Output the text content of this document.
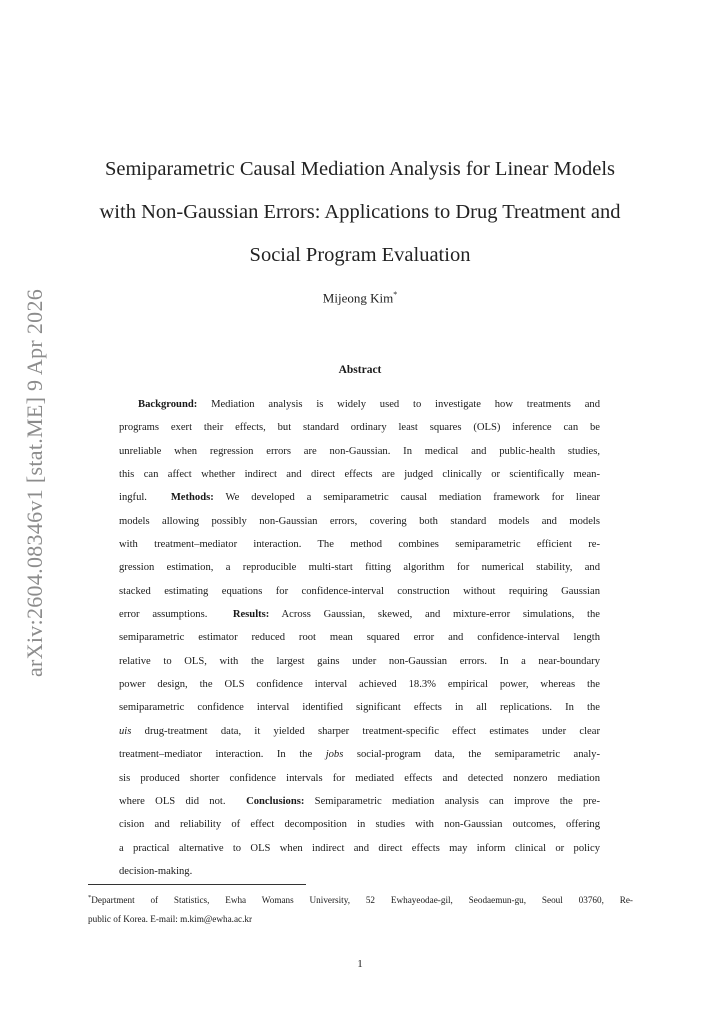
arXiv:2604.08346v1 [stat.ME] 9 Apr 2026
Semiparametric Causal Mediation Analysis for Linear Models
with Non-Gaussian Errors: Applications to Drug Treatment and
Social Program Evaluation
Mijeong Kim*
Abstract
Background: Mediation analysis is widely used to investigate how treatments and
programs exert their effects, but standard ordinary least squares (OLS) inference can be
unreliable when regression errors are non-Gaussian. In medical and public-health studies,
this can affect whether indirect and direct effects are judged clinically or scientifically mean-
ingful. Methods: We developed a semiparametric causal mediation framework for linear
models allowing possibly non-Gaussian errors, covering both standard models and models
with treatment–mediator interaction. The method combines semiparametric efficient re-
gression estimation, a reproducible multi-start fitting algorithm for numerical stability, and
stacked estimating equations for confidence-interval construction without requiring Gaussian
error assumptions. Results: Across Gaussian, skewed, and mixture-error simulations, the
semiparametric estimator reduced root mean squared error and confidence-interval length
relative to OLS, with the largest gains under non-Gaussian errors. In a near-boundary
power design, the OLS confidence interval achieved 18.3% empirical power, whereas the
semiparametric confidence interval identified significant effects in all replications. In the
uis drug-treatment data, it yielded sharper treatment-specific effect estimates under clear
treatment–mediator interaction. In the jobs social-program data, the semiparametric analy-
sis produced shorter confidence intervals for mediated effects and detected nonzero mediation
where OLS did not. Conclusions: Semiparametric mediation analysis can improve the pre-
cision and reliability of effect decomposition in studies with non-Gaussian outcomes, offering
a practical alternative to OLS when indirect and direct effects may inform clinical or policy
decision-making.
*Department of Statistics, Ewha Womans University, 52 Ewhayeodae-gil, Seodaemun-gu, Seoul 03760, Re-
public of Korea. E-mail: m.kim@ewha.ac.kr
1
